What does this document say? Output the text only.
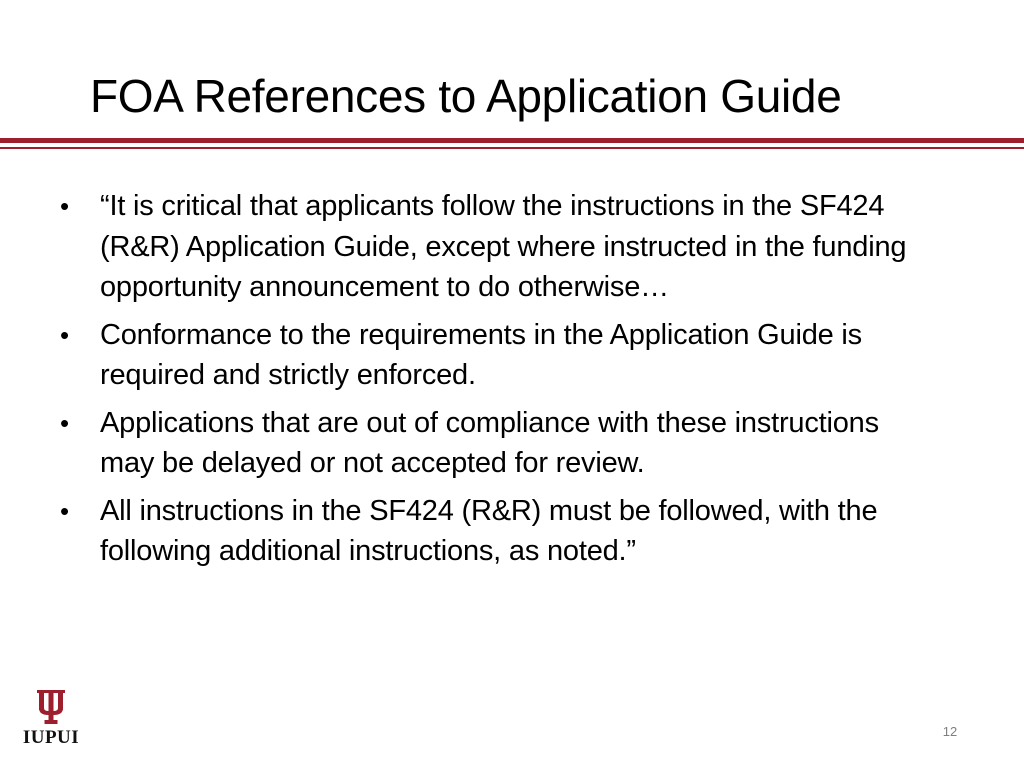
FOA References to Application Guide
•	“It is critical that applicants follow the instructions in the SF424 (R&R) Application Guide, except where instructed in the funding opportunity announcement to do otherwise…
•	Conformance to the requirements in the Application Guide is required and strictly enforced.
•	Applications that are out of compliance with these instructions may be delayed or not accepted for review.
•	All instructions in the SF424 (R&R) must be followed, with the following additional instructions, as noted.”
IUPUI	12
